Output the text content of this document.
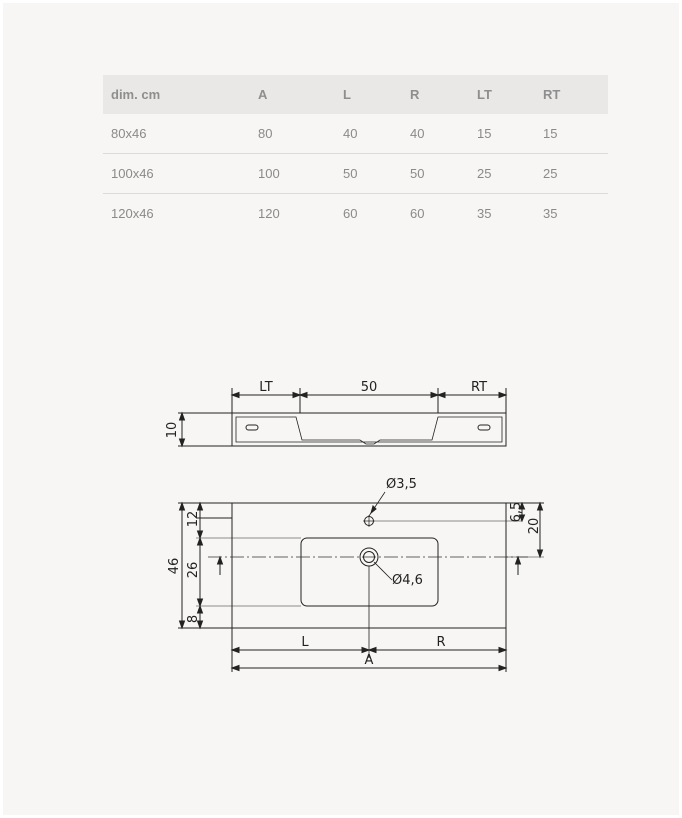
dim. cm	A	L	R	LT	RT
80x46	80	40	40	15	15
100x46	100	50	50	25	25
120x46	120	60	60	35	35
LT	50	RT
10
Ø3,5
Ø4,6
6,5
20
12
26
8
46
L	R
A
